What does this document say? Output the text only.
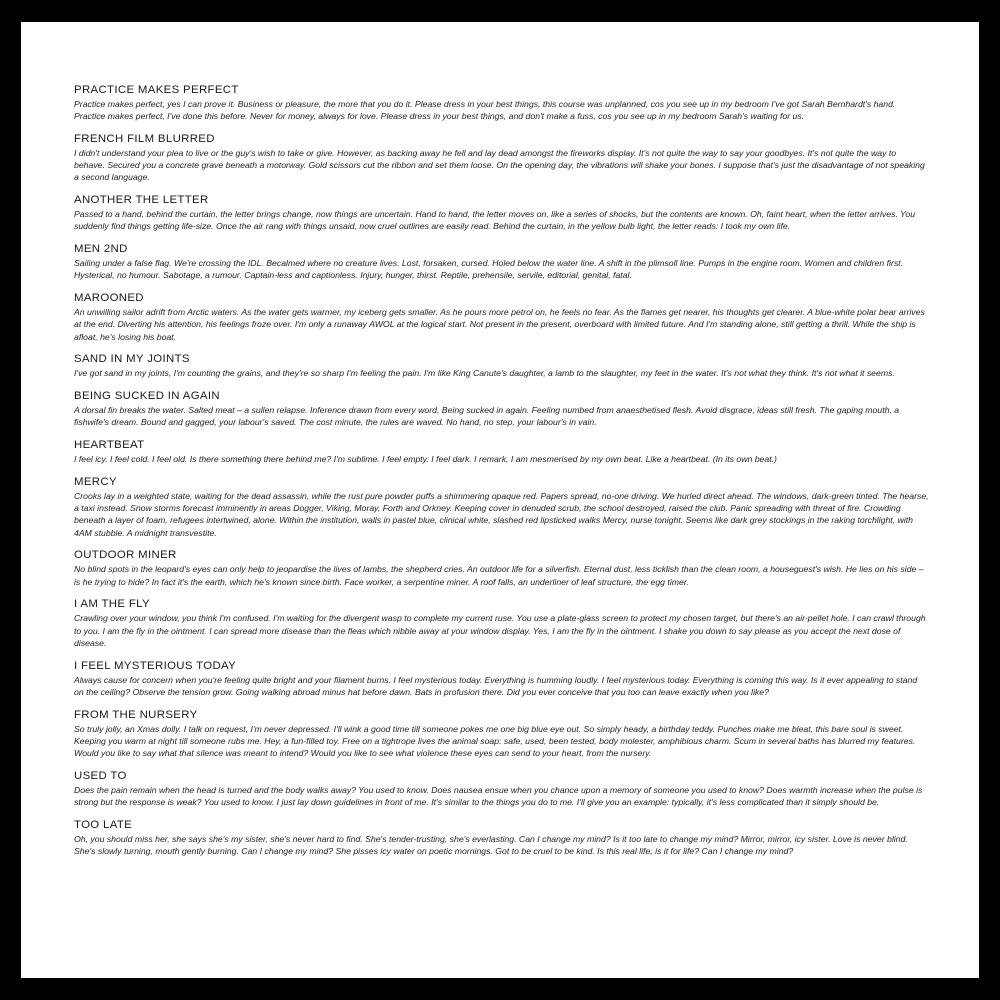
PRACTICE MAKES PERFECT

Practice makes perfect, yes I can prove it. Business or pleasure, the more that you do it. Please dress in your best things, this course was unplanned, cos you see up in my bedroom I've got Sarah Bernhardt's hand. Practice makes perfect, I've done this before. Never for money, always for love. Please dress in your best things, and don't make a fuss, cos you see up in my bedroom Sarah's waiting for us.

FRENCH FILM BLURRED

I didn't understand your plea to live or the guy's wish to take or give. However, as backing away he fell and lay dead amongst the fireworks display. It's not quite the way to say your goodbyes. It's not quite the way to behave. Secured you a concrete grave beneath a motorway. Gold scissors cut the ribbon and set them loose. On the opening day, the vibrations will shake your bones. I suppose that's just the disadvantage of not speaking a second language.

ANOTHER THE LETTER

Passed to a hand, behind the curtain, the letter brings change, now things are uncertain. Hand to hand, the letter moves on, like a series of shocks, but the contents are known. Oh, faint heart, when the letter arrives. You suddenly find things getting life-size. Once the air rang with things unsaid, now cruel outlines are easily read. Behind the curtain, in the yellow bulb light, the letter reads: I took my own life.

MEN 2ND

Sailing under a false flag. We're crossing the IDL. Becalmed where no creature lives. Lost, forsaken, cursed. Holed below the water line. A shift in the plimsoll line. Pumps in the engine room. Women and children first. Hysterical, no humour. Sabotage, a rumour. Captain-less and captionless. Injury, hunger, thirst. Reptile, prehensile, servile, editorial, genital, fatal.

MAROONED

An unwilling sailor adrift from Arctic waters. As the water gets warmer, my iceberg gets smaller. As he pours more petrol on, he feels no fear. As the flames get nearer, his thoughts get clearer. A blue-white polar bear arrives at the end. Diverting his attention, his feelings froze over. I'm only a runaway AWOL at the logical start. Not present in the present, overboard with limited future. And I'm standing alone, still getting a thrill. While the ship is afloat, he's losing his boat.

SAND IN MY JOINTS

I've got sand in my joints, I'm counting the grains, and they're so sharp I'm feeling the pain. I'm like King Canute's daughter, a lamb to the slaughter, my feet in the water. It's not what they think. It's not what it seems.

BEING SUCKED IN AGAIN

A dorsal fin breaks the water. Salted meat – a sullen relapse. Inference drawn from every word. Being sucked in again. Feeling numbed from anaesthetised flesh. Avoid disgrace, ideas still fresh. The gaping mouth, a fishwife's dream. Bound and gagged, your labour's saved. The cost minute, the rules are waved. No hand, no step, your labour's in vain.

HEARTBEAT

I feel icy. I feel cold. I feel old. Is there something there behind me? I'm sublime. I feel empty. I feel dark. I remark, I am mesmerised by my own beat. Like a heartbeat. (In its own beat.)

MERCY

Crooks lay in a weighted state, waiting for the dead assassin, while the rust pure powder puffs a shimmering opaque red. Papers spread, no-one driving. We hurled direct ahead. The windows, dark-green tinted. The hearse, a taxi instead. Snow storms forecast imminently in areas Dogger, Viking, Moray, Forth and Orkney. Keeping cover in denuded scrub, the school destroyed, raised the club. Panic spreading with threat of fire. Crowding beneath a layer of foam, refugees intertwined, alone. Within the institution, walls in pastel blue, clinical white, slashed red lipsticked walks Mercy, nurse tonight. Seems like dark grey stockings in the raking torchlight, with 4AM stubble. A midnight transvestite.

OUTDOOR MINER

No blind spots in the leopard's eyes can only help to jeopardise the lives of lambs, the shepherd cries. An outdoor life for a silverfish. Eternal dust, less ticklish than the clean room, a houseguest's wish. He lies on his side – is he trying to hide? In fact it's the earth, which he's known since birth. Face worker, a serpentine miner. A roof falls, an underliner of leaf structure, the egg timer.

I AM THE FLY

Crawling over your window, you think I'm confused. I'm waiting for the divergent wasp to complete my current ruse. You use a plate-glass screen to protect my chosen target, but there's an air-pellet hole. I can crawl through to you. I am the fly in the ointment. I can spread more disease than the fleas which nibble away at your window display. Yes, I am the fly in the ointment. I shake you down to say please as you accept the next dose of disease.

I FEEL MYSTERIOUS TODAY

Always cause for concern when you're feeling quite bright and your filament burns. I feel mysterious today. Everything is humming loudly. I feel mysterious today. Everything is coming this way. Is it ever appealing to stand on the ceiling? Observe the tension grow. Going walking abroad minus hat before dawn. Bats in profusion there. Did you ever conceive that you too can leave exactly when you like?

FROM THE NURSERY

So truly jolly, an Xmas dolly. I talk on request, I'm never depressed. I'll wink a good time till someone pokes me one big blue eye out. So simply heady, a birthday teddy. Punches make me bleat, this bare soul is sweet. Keeping you warm at night till someone rubs me. Hey, a fun-filled toy. Free on a tightrope lives the animal soap: safe, used, been tested, body molester, amphibious charm. Scum in several baths has blurred my features. Would you like to say what that silence was meant to intend? Would you like to see what violence these eyes can send to your heart, from the nursery.

USED TO

Does the pain remain when the head is turned and the body walks away? You used to know. Does nausea ensue when you chance upon a memory of someone you used to know? Does warmth increase when the pulse is strong but the response is weak? You used to know. I just lay down guidelines in front of me. It's similar to the things you do to me. I'll give you an example: typically, it's less complicated than it simply should be.

TOO LATE

Oh, you should miss her, she says she's my sister, she's never hard to find. She's tender-trusting, she's everlasting. Can I change my mind? Is it too late to change my mind? Mirror, mirror, icy sister. Love is never blind. She's slowly turning, mouth gently burning. Can I change my mind? She pisses icy water on poetic mornings. Got to be cruel to be kind. Is this real life, is it for life? Can I change my mind?
